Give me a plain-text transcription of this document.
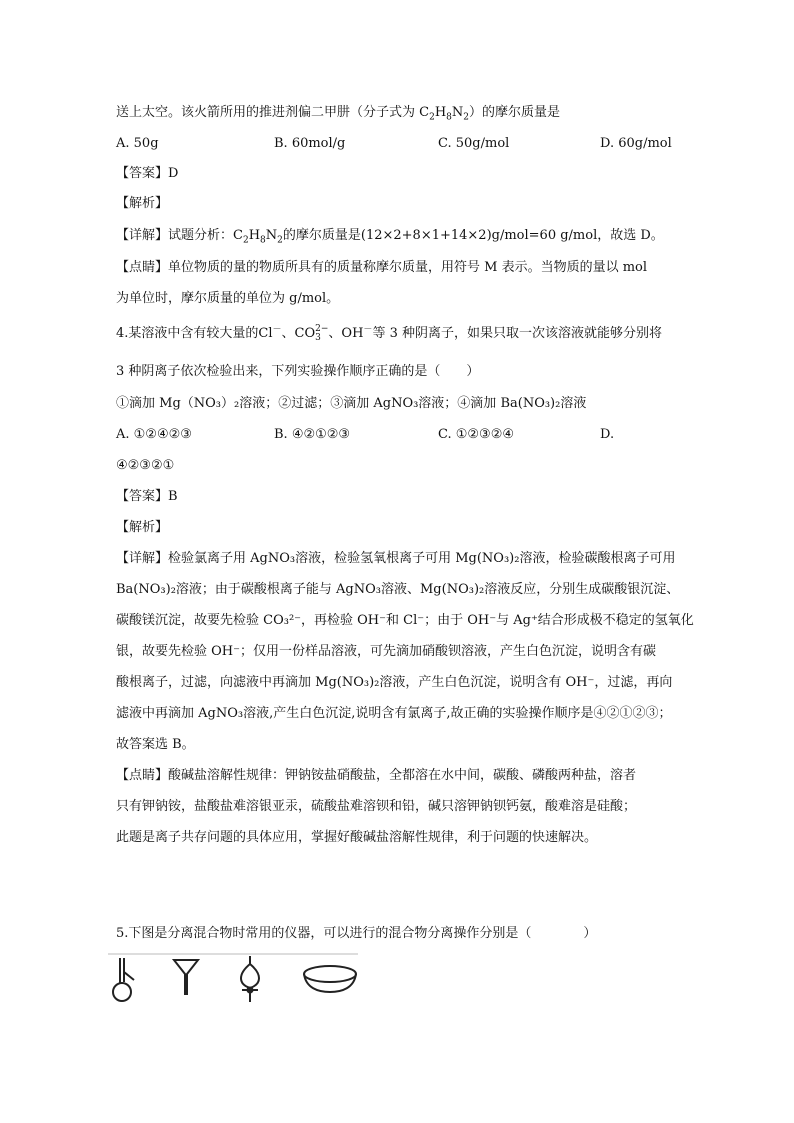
送上太空。该火箭所用的推进剂偏二甲肼（分子式为 $C_2H_8N_2$）的摩尔质量是
A. 50g	B. 60mol/g	C. 50g/mol	D. 60g/mol
【答案】D
【解析】
【详解】试题分析：$C_2H_8N_2$的摩尔质量是(12×2+8×1+14×2)g/mol=60 g/mol，故选 D。
【点睛】单位物质的量的物质所具有的质量称摩尔质量，用符号 M 表示。当物质的量以 mol
为单位时，摩尔质量的单位为 g/mol。
4.某溶液中含有较大量的Cl－、CO 2−
3 、OH－等 3 种阴离子，如果只取一次该溶液就能够分别将
3 种阴离子依次检验出来，下列实验操作顺序正确的是（　　）
①滴加 Mg（NO₃）₂溶液；②过滤；③滴加 AgNO₃溶液；④滴加 Ba(NO₃)₂溶液
A. ①②④②③	B. ④②①②③	C. ①②③②④	D.
④②③②①
【答案】B
【解析】
【详解】检验氯离子用 AgNO₃溶液，检验氢氧根离子可用 Mg(NO₃)₂溶液，检验碳酸根离子可用
Ba(NO₃)₂溶液；由于碳酸根离子能与 AgNO₃溶液、Mg(NO₃)₂溶液反应，分别生成碳酸银沉淀、
碳酸镁沉淀，故要先检验 CO₃²⁻，再检验 OH⁻和 Cl⁻；由于 OH⁻与 Ag⁺结合形成极不稳定的氢氧化
银，故要先检验 OH⁻；仅用一份样品溶液，可先滴加硝酸钡溶液，产生白色沉淀，说明含有碳
酸根离子，过滤，向滤液中再滴加 Mg(NO₃)₂溶液，产生白色沉淀，说明含有 OH⁻，过滤，再向
滤液中再滴加 AgNO₃溶液,产生白色沉淀,说明含有氯离子,故正确的实验操作顺序是④②①②③；
故答案选 B。
【点睛】酸碱盐溶解性规律：钾钠铵盐硝酸盐，全都溶在水中间，碳酸、磷酸两种盐，溶者
只有钾钠铵，盐酸盐难溶银亚汞，硫酸盐难溶钡和铅，碱只溶钾钠钡钙氨，酸难溶是硅酸；
此题是离子共存问题的具体应用，掌握好酸碱盐溶解性规律，利于问题的快速解决。
5.下图是分离混合物时常用的仪器，可以进行的混合物分离操作分别是（　　　　）
